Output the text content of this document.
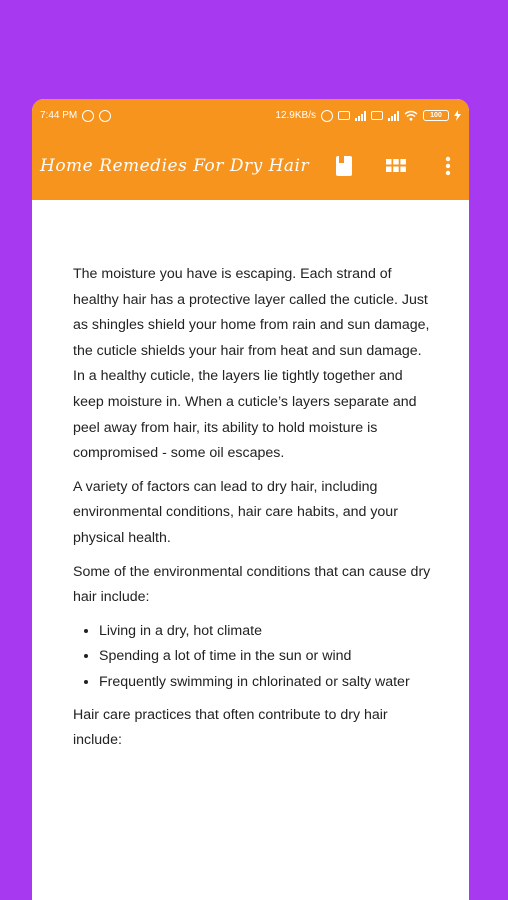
7:44 PM	12.9KB/s	100
Home Remedies For Dry Hair

The moisture you have is escaping. Each strand of healthy hair has a protective layer called the cuticle. Just as shingles shield your home from rain and sun damage, the cuticle shields your hair from heat and sun damage. In a healthy cuticle, the layers lie tightly together and keep moisture in. When a cuticle’s layers separate and peel away from hair, its ability to hold moisture is compromised - some oil escapes.

A variety of factors can lead to dry hair, including environmental conditions, hair care habits, and your physical health.

Some of the environmental conditions that can cause dry hair include:

• Living in a dry, hot climate
• Spending a lot of time in the sun or wind
• Frequently swimming in chlorinated or salty water

Hair care practices that often contribute to dry hair include:
